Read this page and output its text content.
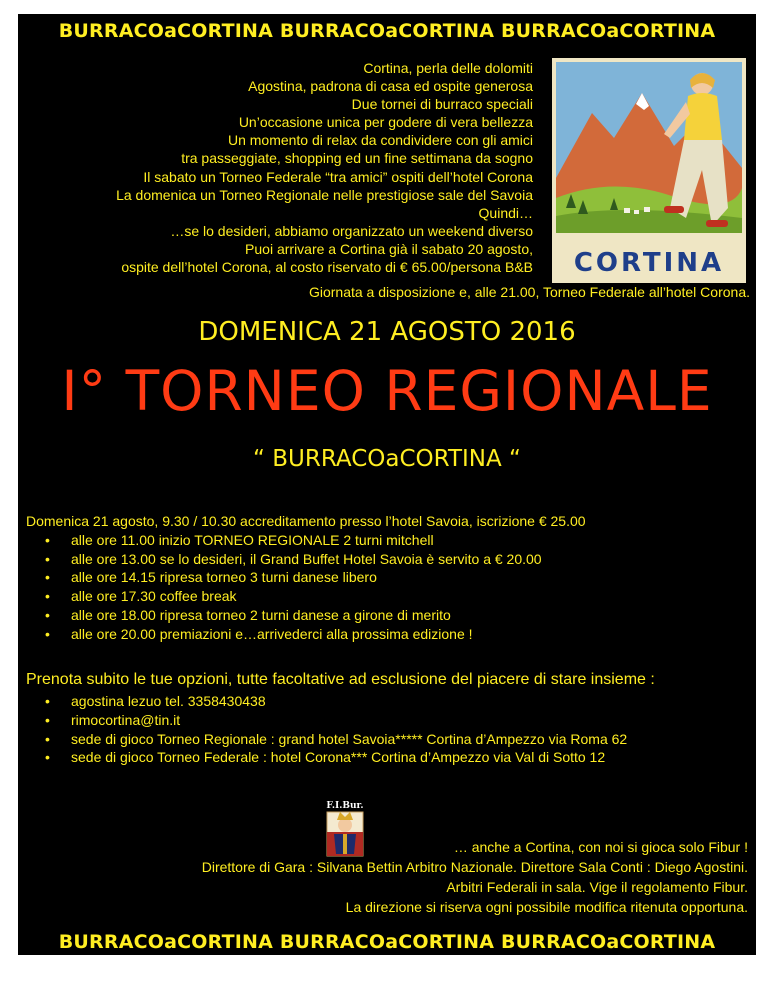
BURRACOaCORTINA BURRACOaCORTINA BURRACOaCORTINA
Cortina, perla delle dolomiti
Agostina, padrona di casa ed ospite generosa
Due tornei di burraco speciali
Un’occasione unica per godere di vera bellezza
Un momento di relax da condividere con gli amici
tra passeggiate, shopping ed un fine settimana da sogno
Il sabato un Torneo Federale “tra amici” ospiti dell’hotel Corona
La domenica un Torneo Regionale nelle prestigiose sale del Savoia
Quindi…
…se lo desideri, abbiamo organizzato un weekend diverso
Puoi arrivare a Cortina già il sabato 20 agosto,
ospite dell’hotel Corona, al costo riservato di € 65.00/persona B&B CORTINA
Giornata a disposizione e, alle 21.00, Torneo Federale all’hotel Corona.
DOMENICA 21 AGOSTO 2016
I° TORNEO REGIONALE
“ BURRACOaCORTINA “
Domenica 21 agosto, 9.30 / 10.30 accreditamento presso l’hotel Savoia, iscrizione € 25.00
• alle ore 11.00 inizio TORNEO REGIONALE 2 turni mitchell
• alle ore 13.00 se lo desideri, il Grand Buffet Hotel Savoia è servito a € 20.00
• alle ore 14.15 ripresa torneo 3 turni danese libero
• alle ore 17.30 coffee break
• alle ore 18.00 ripresa torneo 2 turni danese a girone di merito
• alle ore 20.00 premiazioni e…arrivederci alla prossima edizione !
Prenota subito le tue opzioni, tutte facoltative ad esclusione del piacere di stare insieme :
• agostina lezuo tel. 3358430438
• rimocortina@tin.it
• sede di gioco Torneo Regionale : grand hotel Savoia***** Cortina d’Ampezzo via Roma 62
• sede di gioco Torneo Federale : hotel Corona*** Cortina d’Ampezzo via Val di Sotto 12
F.I.Bur.
… anche a Cortina, con noi si gioca solo Fibur !
Direttore di Gara : Silvana Bettin Arbitro Nazionale. Direttore Sala Conti : Diego Agostini.
Arbitri Federali in sala. Vige il regolamento Fibur.
La direzione si riserva ogni possibile modifica ritenuta opportuna.
BURRACOaCORTINA BURRACOaCORTINA BURRACOaCORTINA
